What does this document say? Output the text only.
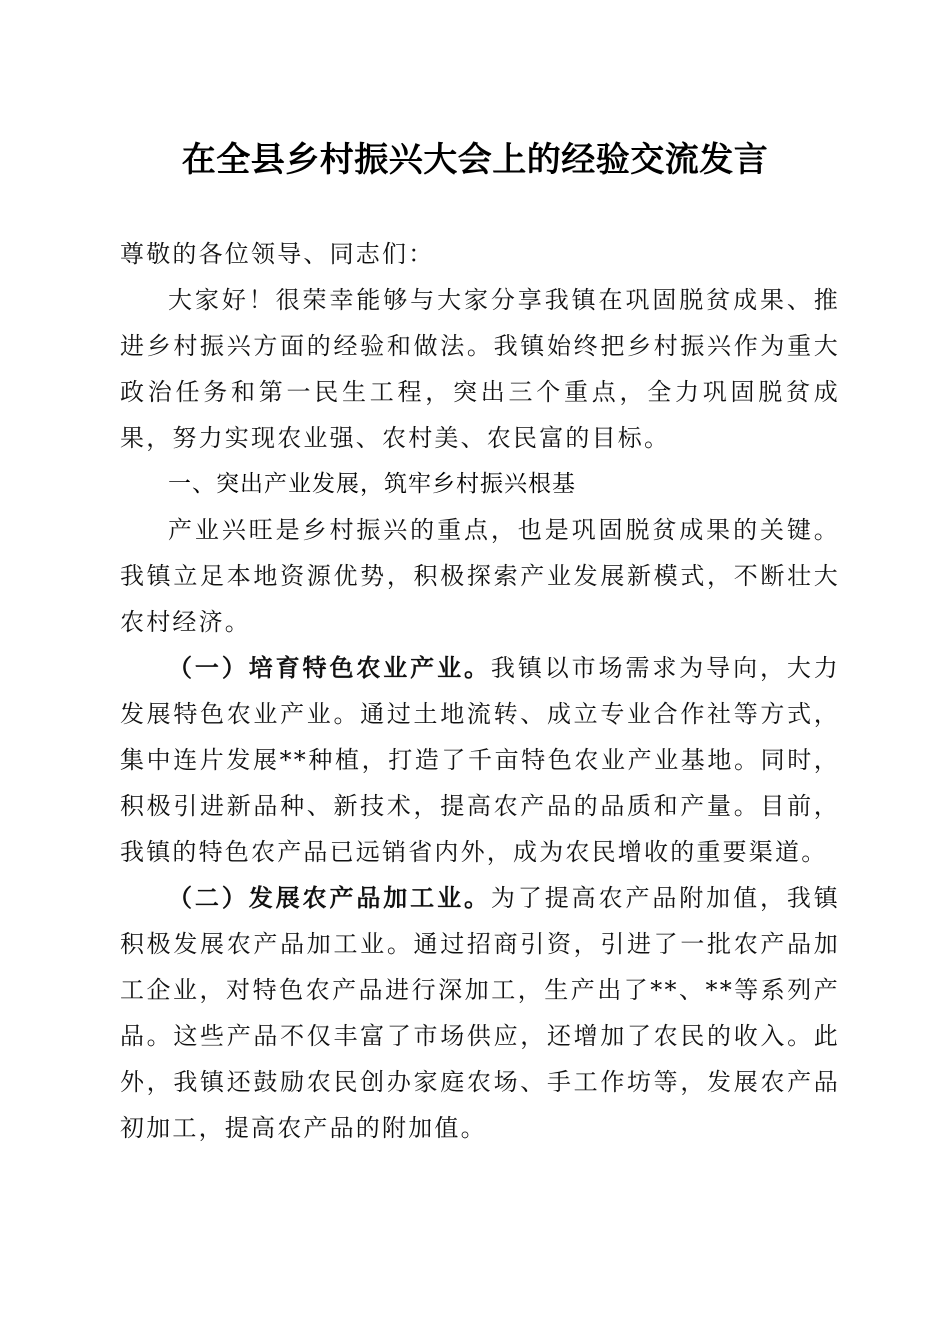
在全县乡村振兴大会上的经验交流发言

尊敬的各位领导、同志们：

大家好！很荣幸能够与大家分享我镇在巩固脱贫成果、推进乡村振兴方面的经验和做法。我镇始终把乡村振兴作为重大政治任务和第一民生工程，突出三个重点，全力巩固脱贫成果，努力实现农业强、农村美、农民富的目标。

一、突出产业发展，筑牢乡村振兴根基

产业兴旺是乡村振兴的重点，也是巩固脱贫成果的关键。我镇立足本地资源优势，积极探索产业发展新模式，不断壮大农村经济。

（一）培育特色农业产业。我镇以市场需求为导向，大力发展特色农业产业。通过土地流转、成立专业合作社等方式，集中连片发展**种植，打造了千亩特色农业产业基地。同时，积极引进新品种、新技术，提高农产品的品质和产量。目前，我镇的特色农产品已远销省内外，成为农民增收的重要渠道。

（二）发展农产品加工业。为了提高农产品附加值，我镇积极发展农产品加工业。通过招商引资，引进了一批农产品加工企业，对特色农产品进行深加工，生产出了**、**等系列产品。这些产品不仅丰富了市场供应，还增加了农民的收入。此外，我镇还鼓励农民创办家庭农场、手工作坊等，发展农产品初加工，提高农产品的附加值。
